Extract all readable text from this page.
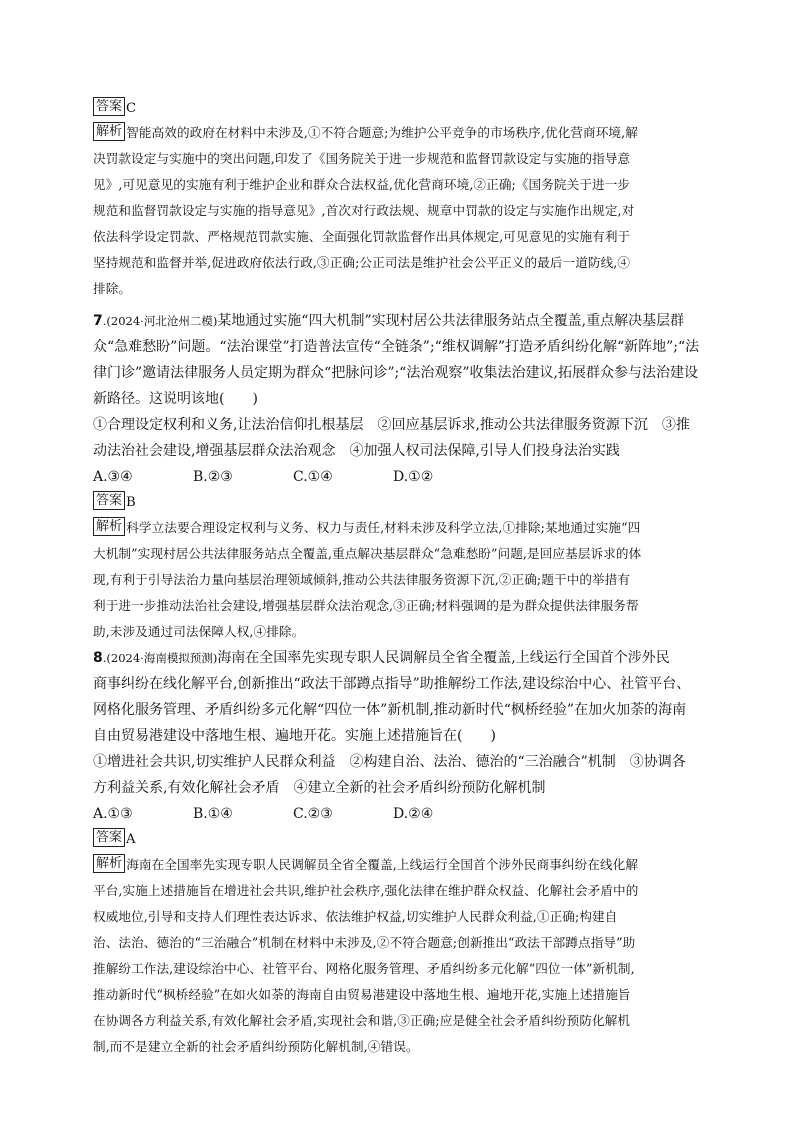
答案 C
解析 智能高效的政府在材料中未涉及,①不符合题意;为维护公平竞争的市场秩序,优化营商环境,解
决罚款设定与实施中的突出问题,印发了《国务院关于进一步规范和监督罚款设定与实施的指导意
见》,可见意见的实施有利于维护企业和群众合法权益,优化营商环境,②正确;《国务院关于进一步
规范和监督罚款设定与实施的指导意见》,首次对行政法规、规章中罚款的设定与实施作出规定,对
依法科学设定罚款、严格规范罚款实施、全面强化罚款监督作出具体规定,可见意见的实施有利于
坚持规范和监督并举,促进政府依法行政,③正确;公正司法是维护社会公平正义的最后一道防线,④
排除。
7.(2024·河北沧州二模)某地通过实施“四大机制”实现村居公共法律服务站点全覆盖,重点解决基层群
众“急难愁盼”问题。“法治课堂”打造普法宣传“全链条”;“维权调解”打造矛盾纠纷化解“新阵地”;“法
律门诊”邀请法律服务人员定期为群众“把脉问诊”;“法治观察”收集法治建议,拓展群众参与法治建设
新路径。这说明该地(　　)
①合理设定权利和义务,让法治信仰扎根基层　②回应基层诉求,推动公共法律服务资源下沉　③推
动法治社会建设,增强基层群众法治观念　④加强人权司法保障,引导人们投身法治实践
A.③④	B.②③	C.①④	D.①②
答案 B
解析 科学立法要合理设定权利与义务、权力与责任,材料未涉及科学立法,①排除;某地通过实施“四
大机制”实现村居公共法律服务站点全覆盖,重点解决基层群众“急难愁盼”问题,是回应基层诉求的体
现,有利于引导法治力量向基层治理领域倾斜,推动公共法律服务资源下沉,②正确;题干中的举措有
利于进一步推动法治社会建设,增强基层群众法治观念,③正确;材料强调的是为群众提供法律服务帮
助,未涉及通过司法保障人权,④排除。
8.(2024·海南模拟预测)海南在全国率先实现专职人民调解员全省全覆盖,上线运行全国首个涉外民
商事纠纷在线化解平台,创新推出“政法干部蹲点指导”助推解纷工作法,建设综治中心、社管平台、
网格化服务管理、矛盾纠纷多元化解“四位一体”新机制,推动新时代“枫桥经验”在加火加荼的海南
自由贸易港建设中落地生根、遍地开花。实施上述措施旨在(　　)
①增进社会共识,切实维护人民群众利益　②构建自治、法治、德治的“三治融合”机制　③协调各
方利益关系,有效化解社会矛盾　④建立全新的社会矛盾纠纷预防化解机制
A.①③	B.①④	C.②③	D.②④
答案 A
解析 海南在全国率先实现专职人民调解员全省全覆盖,上线运行全国首个涉外民商事纠纷在线化解
平台,实施上述措施旨在增进社会共识,维护社会秩序,强化法律在维护群众权益、化解社会矛盾中的
权威地位,引导和支持人们理性表达诉求、依法维护权益,切实维护人民群众利益,①正确;构建自
治、法治、德治的“三治融合”机制在材料中未涉及,②不符合题意;创新推出“政法干部蹲点指导”助
推解纷工作法,建设综治中心、社管平台、网格化服务管理、矛盾纠纷多元化解“四位一体”新机制,
推动新时代“枫桥经验”在如火如荼的海南自由贸易港建设中落地生根、遍地开花,实施上述措施旨
在协调各方利益关系,有效化解社会矛盾,实现社会和谐,③正确;应是健全社会矛盾纠纷预防化解机
制,而不是建立全新的社会矛盾纠纷预防化解机制,④错误。
